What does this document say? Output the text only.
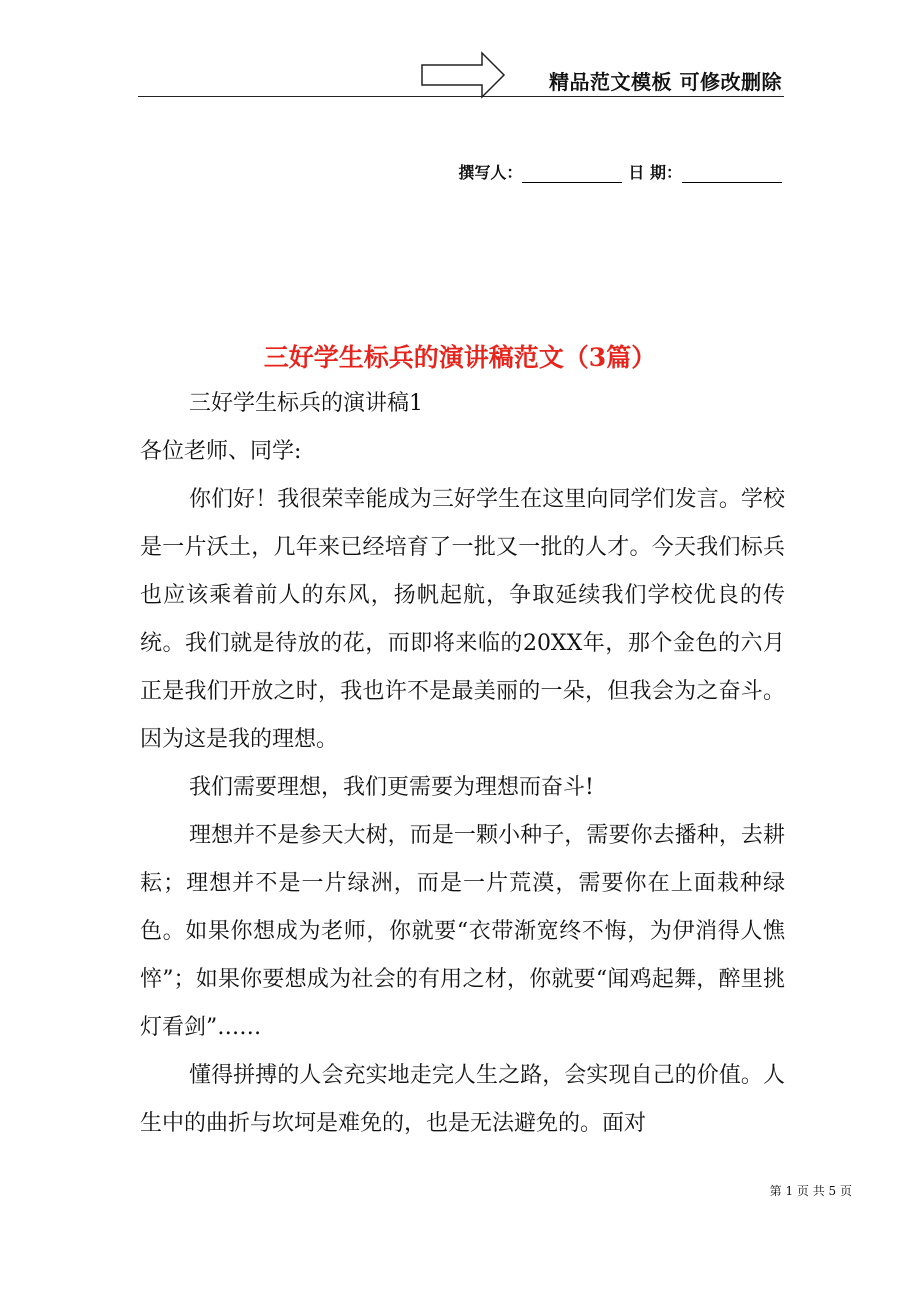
精品范文模板 可修改删除
撰写人：	日 期：
三好学生标兵的演讲稿范文（3篇）

三好学生标兵的演讲稿1

各位老师、同学:

你们好！我很荣幸能成为三好学生在这里向同学们发言。学校是一片沃土，几年来已经培育了一批又一批的人才。今天我们标兵也应该乘着前人的东风，扬帆起航，争取延续我们学校优良的传统。我们就是待放的花，而即将来临的20XX年，那个金色的六月正是我们开放之时，我也许不是最美丽的一朵，但我会为之奋斗。因为这是我的理想。

我们需要理想，我们更需要为理想而奋斗!

理想并不是参天大树，而是一颗小种子，需要你去播种，去耕耘；理想并不是一片绿洲，而是一片荒漠，需要你在上面栽种绿色。如果你想成为老师，你就要“衣带渐宽终不悔，为伊消得人憔悴”；如果你要想成为社会的有用之材，你就要“闻鸡起舞，醉里挑灯看剑”……

懂得拼搏的人会充实地走完人生之路，会实现自己的价值。人生中的曲折与坎坷是难免的，也是无法避免的。面对

第 1 页 共 5 页
